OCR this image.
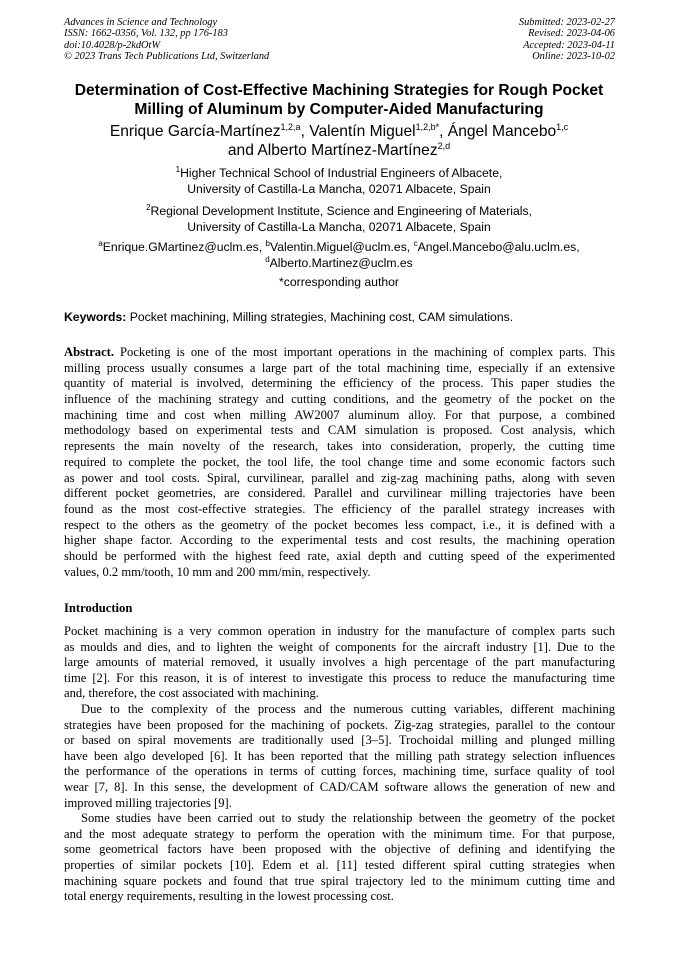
Advances in Science and Technology
ISSN: 1662-0356, Vol. 132, pp 176-183
doi:10.4028/p-2kdOtW
© 2023 Trans Tech Publications Ltd, Switzerland
Submitted: 2023-02-27
Revised: 2023-04-06
Accepted: 2023-04-11
Online: 2023-10-02
Determination of Cost-Effective Machining Strategies for Rough Pocket
Milling of Aluminum by Computer-Aided Manufacturing
Enrique García-Martínez$^{1,2,a}$, Valentín Miguel$^{1,2,b*}$, Ángel Mancebo$^{1,c}$
and Alberto Martínez-Martínez$^{2,d}$
$^1$Higher Technical School of Industrial Engineers of Albacete,
University of Castilla-La Mancha, 02071 Albacete, Spain
$^2$Regional Development Institute, Science and Engineering of Materials,
University of Castilla-La Mancha, 02071 Albacete, Spain
$^a$Enrique.GMartinez@uclm.es, $^b$Valentin.Miguel@uclm.es, $^c$Angel.Mancebo@alu.uclm.es,
$^d$Alberto.Martinez@uclm.es
*corresponding author
Keywords: Pocket machining, Milling strategies, Machining cost, CAM simulations.
Abstract. Pocketing is one of the most important operations in the machining of complex parts. This
milling process usually consumes a large part of the total machining time, especially if an extensive
quantity of material is involved, determining the efficiency of the process. This paper studies the
influence of the machining strategy and cutting conditions, and the geometry of the pocket on the
machining time and cost when milling AW2007 aluminum alloy. For that purpose, a combined
methodology based on experimental tests and CAM simulation is proposed. Cost analysis, which
represents the main novelty of the research, takes into consideration, properly, the cutting time
required to complete the pocket, the tool life, the tool change time and some economic factors such
as power and tool costs. Spiral, curvilinear, parallel and zig-zag machining paths, along with seven
different pocket geometries, are considered. Parallel and curvilinear milling trajectories have been
found as the most cost-effective strategies. The efficiency of the parallel strategy increases with
respect to the others as the geometry of the pocket becomes less compact, i.e., it is defined with a
higher shape factor. According to the experimental tests and cost results, the machining operation
should be performed with the highest feed rate, axial depth and cutting speed of the experimented
values, 0.2 mm/tooth, 10 mm and 200 mm/min, respectively.
Introduction
Pocket machining is a very common operation in industry for the manufacture of complex parts such
as moulds and dies, and to lighten the weight of components for the aircraft industry [1]. Due to the
large amounts of material removed, it usually involves a high percentage of the part manufacturing
time [2]. For this reason, it is of interest to investigate this process to reduce the manufacturing time
and, therefore, the cost associated with machining.
Due to the complexity of the process and the numerous cutting variables, different machining
strategies have been proposed for the machining of pockets. Zig-zag strategies, parallel to the contour
or based on spiral movements are traditionally used [3–5]. Trochoidal milling and plunged milling
have been algo developed [6]. It has been reported that the milling path strategy selection influences
the performance of the operations in terms of cutting forces, machining time, surface quality of tool
wear [7, 8]. In this sense, the development of CAD/CAM software allows the generation of new and
improved milling trajectories [9].
Some studies have been carried out to study the relationship between the geometry of the pocket
and the most adequate strategy to perform the operation with the minimum time. For that purpose,
some geometrical factors have been proposed with the objective of defining and identifying the
properties of similar pockets [10]. Edem et al. [11] tested different spiral cutting strategies when
machining square pockets and found that true spiral trajectory led to the minimum cutting time and
total energy requirements, resulting in the lowest processing cost.
